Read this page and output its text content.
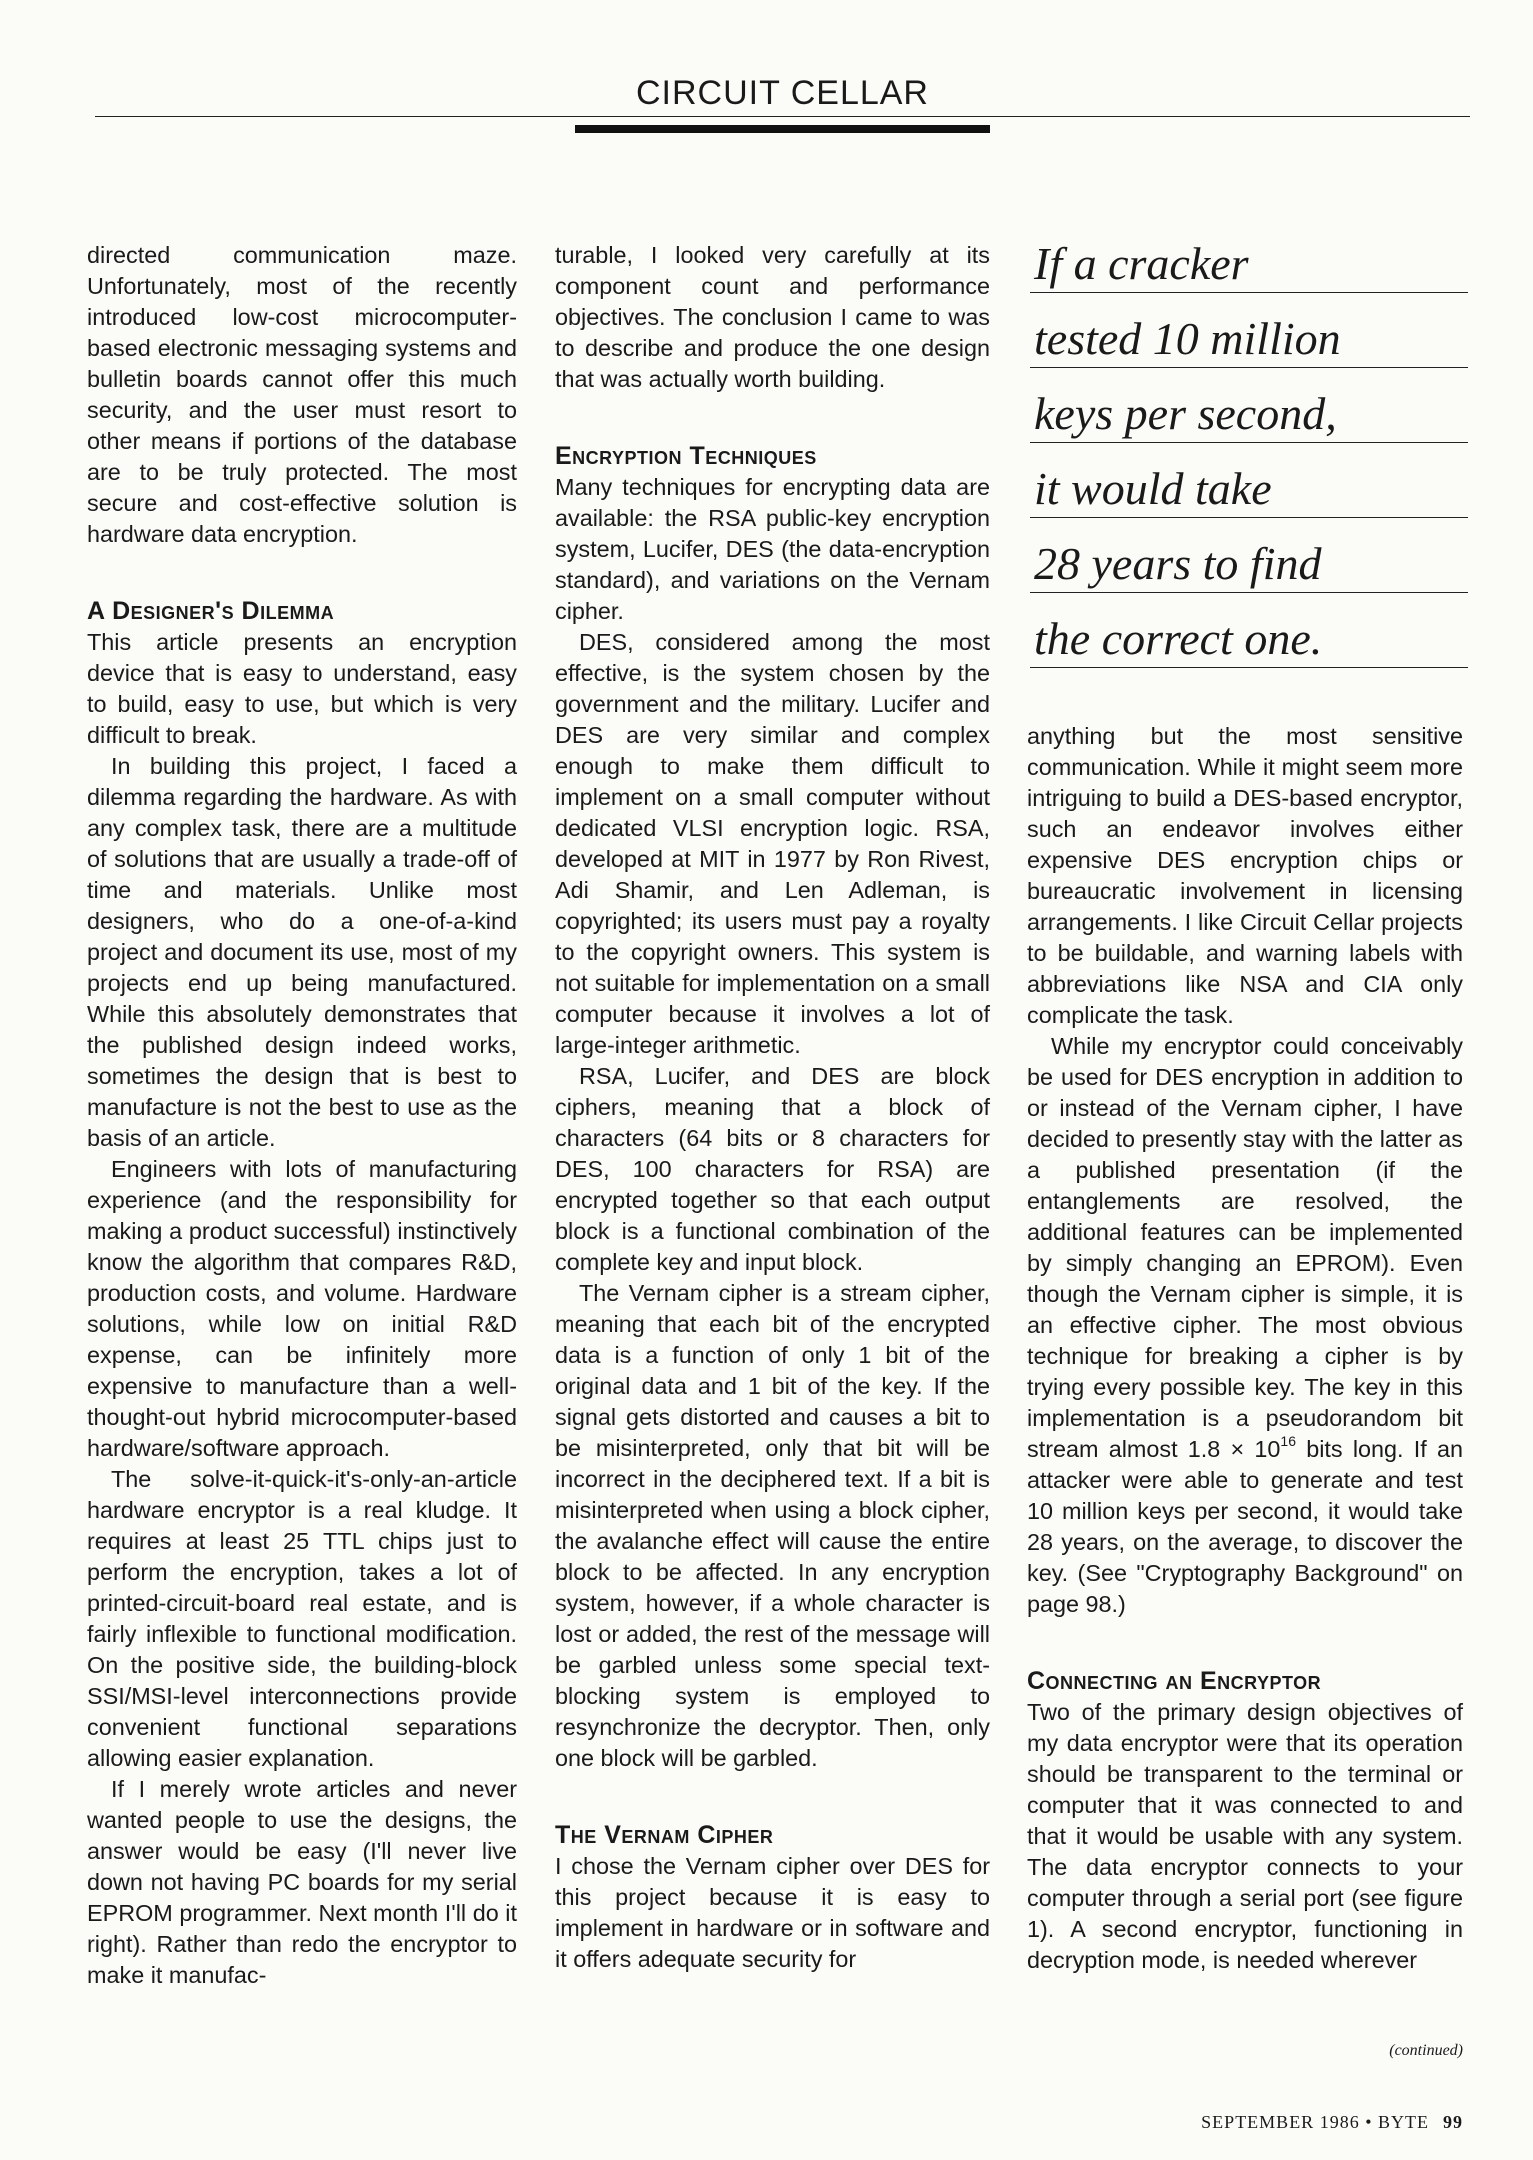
CIRCUIT CELLAR

directed communication maze. Unfortunately, most of the recently introduced low-cost microcomputer-based electronic messaging systems and bulletin boards cannot offer this much security, and the user must resort to other means if portions of the database are to be truly protected. The most secure and cost-effective solution is hardware data encryption.

A Designer's Dilemma

This article presents an encryption device that is easy to understand, easy to build, easy to use, but which is very difficult to break.

In building this project, I faced a dilemma regarding the hardware. As with any complex task, there are a multitude of solutions that are usually a trade-off of time and materials. Unlike most designers, who do a one-of-a-kind project and document its use, most of my projects end up being manufactured. While this absolutely demonstrates that the published design indeed works, sometimes the design that is best to manufacture is not the best to use as the basis of an article.

Engineers with lots of manufacturing experience (and the responsibility for making a product successful) instinctively know the algorithm that compares R&D, production costs, and volume. Hardware solutions, while low on initial R&D expense, can be infinitely more expensive to manufacture than a well-thought-out hybrid microcomputer-based hardware/software approach.

The solve-it-quick-it's-only-an-article hardware encryptor is a real kludge. It requires at least 25 TTL chips just to perform the encryption, takes a lot of printed-circuit-board real estate, and is fairly inflexible to functional modification. On the positive side, the building-block SSI/MSI-level interconnections provide convenient functional separations allowing easier explanation.

If I merely wrote articles and never wanted people to use the designs, the answer would be easy (I'll never live down not having PC boards for my serial EPROM programmer. Next month I'll do it right). Rather than redo the encryptor to make it manufac-

turable, I looked very carefully at its component count and performance objectives. The conclusion I came to was to describe and produce the one design that was actually worth building.

Encryption Techniques

Many techniques for encrypting data are available: the RSA public-key encryption system, Lucifer, DES (the data-encryption standard), and variations on the Vernam cipher.

DES, considered among the most effective, is the system chosen by the government and the military. Lucifer and DES are very similar and complex enough to make them difficult to implement on a small computer without dedicated VLSI encryption logic. RSA, developed at MIT in 1977 by Ron Rivest, Adi Shamir, and Len Adleman, is copyrighted; its users must pay a royalty to the copyright owners. This system is not suitable for implementation on a small computer because it involves a lot of large-integer arithmetic.

RSA, Lucifer, and DES are block ciphers, meaning that a block of characters (64 bits or 8 characters for DES, 100 characters for RSA) are encrypted together so that each output block is a functional combination of the complete key and input block.

The Vernam cipher is a stream cipher, meaning that each bit of the encrypted data is a function of only 1 bit of the original data and 1 bit of the key. If the signal gets distorted and causes a bit to be misinterpreted, only that bit will be incorrect in the deciphered text. If a bit is misinterpreted when using a block cipher, the avalanche effect will cause the entire block to be affected. In any encryption system, however, if a whole character is lost or added, the rest of the message will be garbled unless some special text-blocking system is employed to resynchronize the decryptor. Then, only one block will be garbled.

The Vernam Cipher

I chose the Vernam cipher over DES for this project because it is easy to implement in hardware or in software and it offers adequate security for

If a cracker
tested 10 million
keys per second,
it would take
28 years to find
the correct one.

anything but the most sensitive communication. While it might seem more intriguing to build a DES-based encryptor, such an endeavor involves either expensive DES encryption chips or bureaucratic involvement in licensing arrangements. I like Circuit Cellar projects to be buildable, and warning labels with abbreviations like NSA and CIA only complicate the task.

While my encryptor could conceivably be used for DES encryption in addition to or instead of the Vernam cipher, I have decided to presently stay with the latter as a published presentation (if the entanglements are resolved, the additional features can be implemented by simply changing an EPROM). Even though the Vernam cipher is simple, it is an effective cipher. The most obvious technique for breaking a cipher is by trying every possible key. The key in this implementation is a pseudorandom bit stream almost $1.8 \times 10^{16}$ bits long. If an attacker were able to generate and test 10 million keys per second, it would take 28 years, on the average, to discover the key. (See "Cryptography Background" on page 98.)

Connecting an Encryptor

Two of the primary design objectives of my data encryptor were that its operation should be transparent to the terminal or computer that it was connected to and that it would be usable with any system. The data encryptor connects to your computer through a serial port (see figure 1). A second encryptor, functioning in decryption mode, is needed wherever

(continued)
SEPTEMBER 1986 • BYTE 99
